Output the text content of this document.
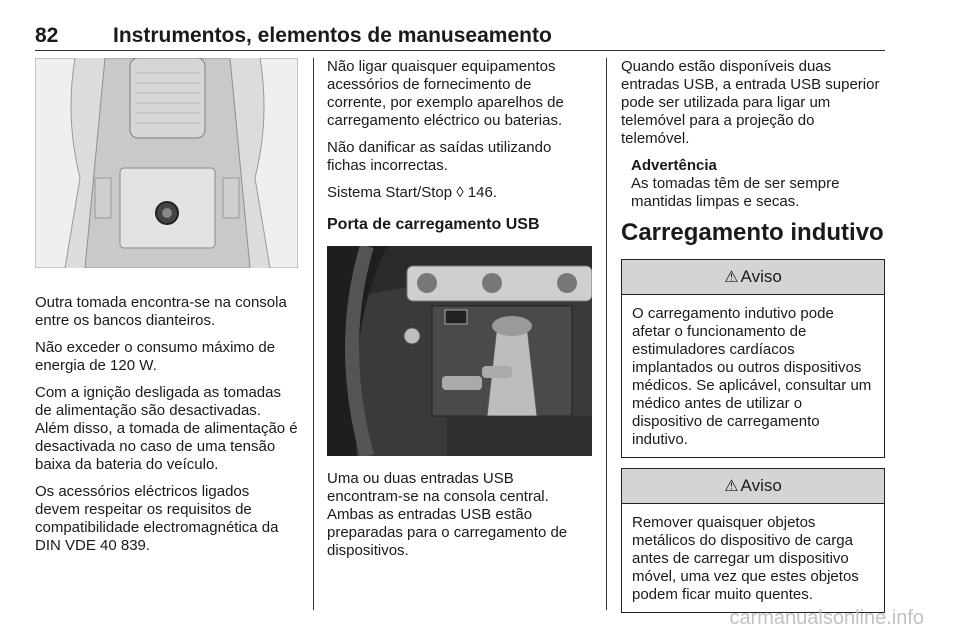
82	Instrumentos, elementos de manuseamento

Outra tomada encontra-se na consola entre os bancos dianteiros.

Não exceder o consumo máximo de energia de 120 W.

Com a ignição desligada as tomadas de alimentação são desactivadas. Além disso, a tomada de alimentação é desactivada no caso de uma tensão baixa da bateria do veículo.

Os acessórios eléctricos ligados devem respeitar os requisitos de compatibilidade electromagnética da DIN VDE 40 839.

Não ligar quaisquer equipamentos acessórios de fornecimento de corrente, por exemplo aparelhos de carregamento eléctrico ou baterias.

Não danificar as saídas utilizando fichas incorrectas.

Sistema Start/Stop ◊ 146.

Porta de carregamento USB

Uma ou duas entradas USB encontram-se na consola central. Ambas as entradas USB estão preparadas para o carregamento de dispositivos.

Quando estão disponíveis duas entradas USB, a entrada USB superior pode ser utilizada para ligar um telemóvel para a projeção do telemóvel.

Advertência
As tomadas têm de ser sempre mantidas limpas e secas.
Carregamento indutivo
⚠ Aviso
O carregamento indutivo pode afetar o funcionamento de estimuladores cardíacos implantados ou outros dispositivos médicos. Se aplicável, consultar um médico antes de utilizar o dispositivo de carregamento indutivo.
⚠ Aviso
Remover quaisquer objetos metálicos do dispositivo de carga antes de carregar um dispositivo móvel, uma vez que estes objetos podem ficar muito quentes.
carmanualsonline.info
